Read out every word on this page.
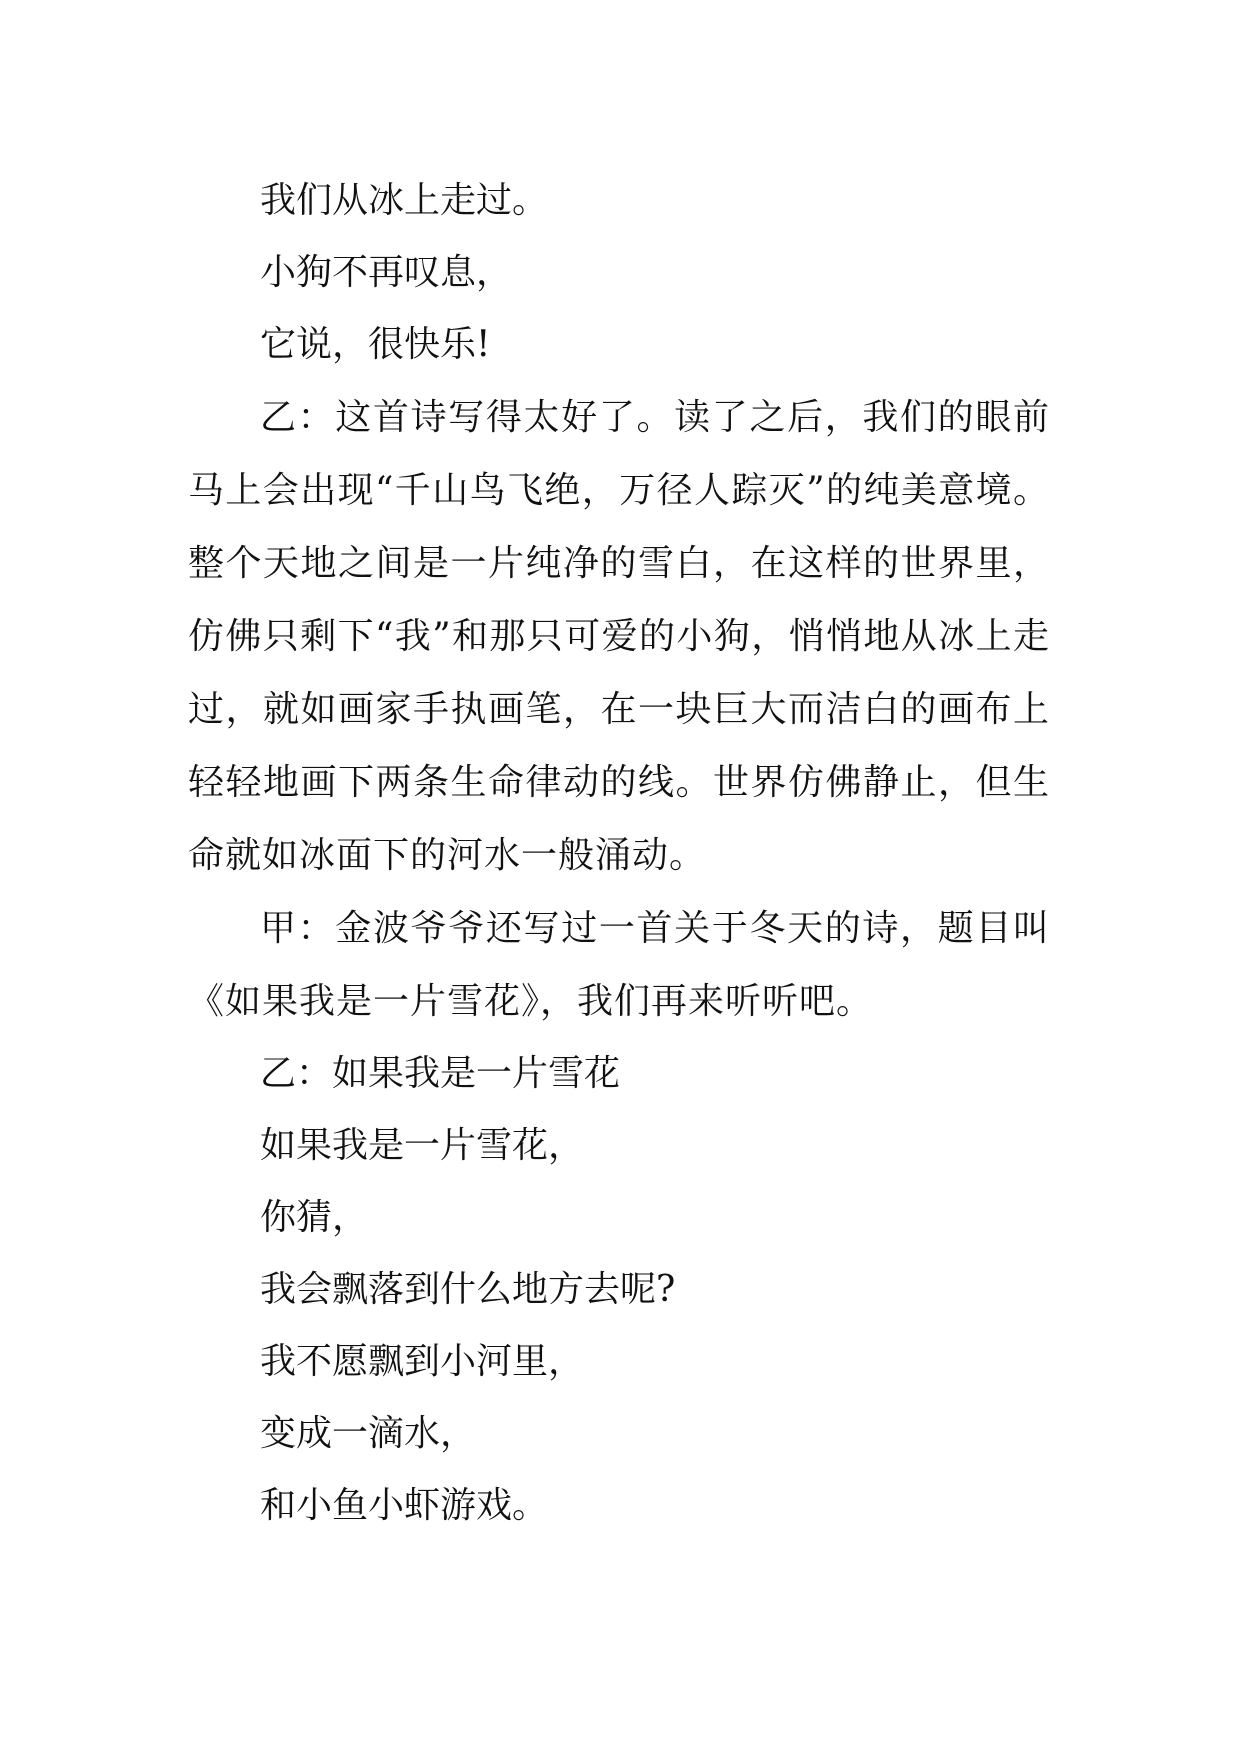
我们从冰上走过。

小狗不再叹息，

它说，很快乐!

乙：这首诗写得太好了。读了之后，我们的眼前马上会出现“千山鸟飞绝，万径人踪灭”的纯美意境。整个天地之间是一片纯净的雪白，在这样的世界里，仿佛只剩下“我”和那只可爱的小狗，悄悄地从冰上走过，就如画家手执画笔，在一块巨大而洁白的画布上轻轻地画下两条生命律动的线。世界仿佛静止，但生命就如冰面下的河水一般涌动。

甲：金波爷爷还写过一首关于冬天的诗，题目叫《如果我是一片雪花》，我们再来听听吧。

乙：如果我是一片雪花

如果我是一片雪花，

你猜，

我会飘落到什么地方去呢?

我不愿飘到小河里，

变成一滴水，

和小鱼小虾游戏。
